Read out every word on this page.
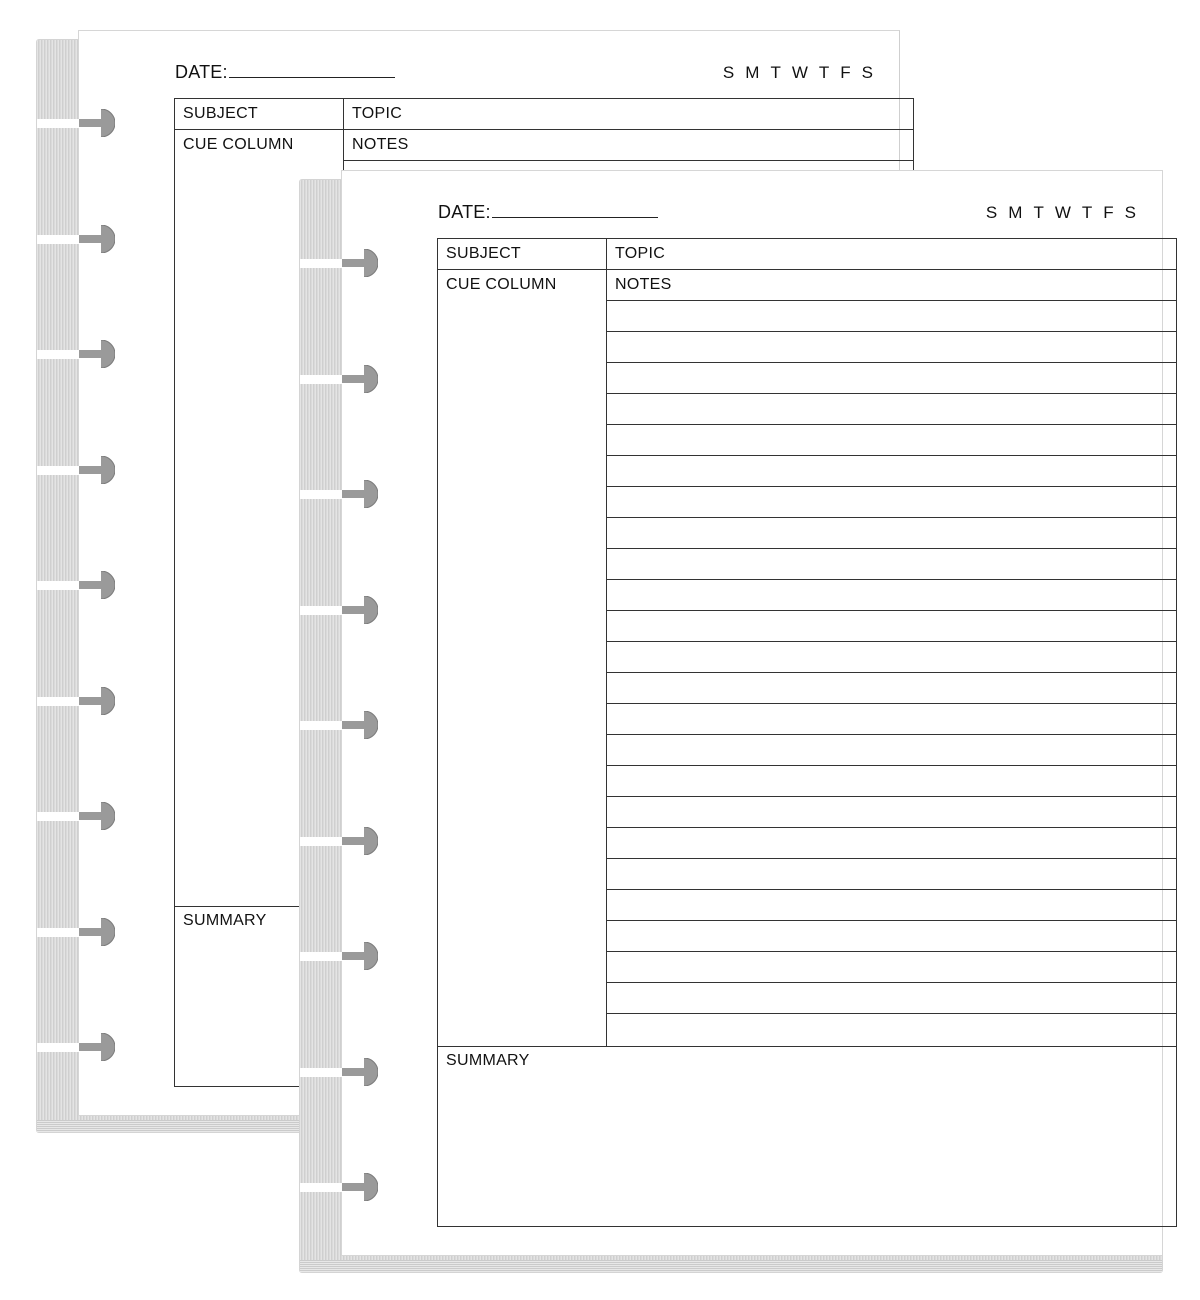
DATE:	S M T W T F S
SUBJECT	TOPIC
CUE COLUMN	NOTES
SUMMARY
DATE:	S M T W T F S
SUBJECT	TOPIC
CUE COLUMN	NOTES
SUMMARY
